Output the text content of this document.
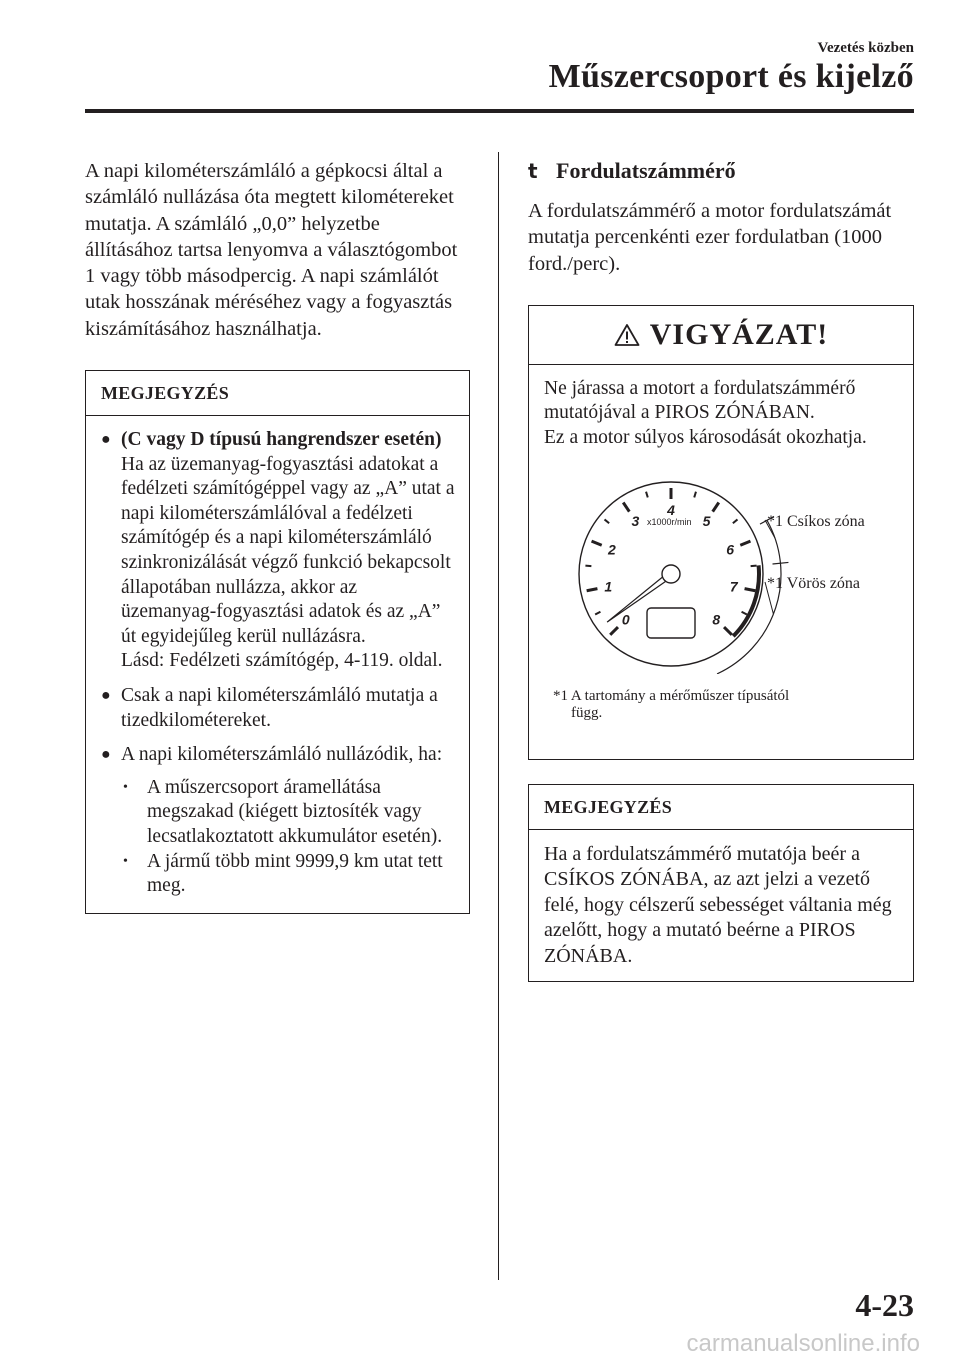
Vezetés közben
Műszercsoport és kijelző

A napi kilométerszámláló a gépkocsi által a számláló nullázása óta megtett kilométereket mutatja. A számláló „0,0” helyzetbe állításához tartsa lenyomva a választógombot 1 vagy több másodpercig. A napi számlálót utak hosszának méréséhez vagy a fogyasztás kiszámításához használhatja.

MEGJEGYZÉS
● (C vagy D típusú hangrendszer esetén)
Ha az üzemanyag-fogyasztási adatokat a fedélzeti számítógéppel vagy az „A” utat a napi kilométerszámlálóval a fedélzeti számítógép és a napi kilométerszámláló szinkronizálását végző funkció bekapcsolt állapotában nullázza, akkor az üzemanyag-fogyasztási adatok és az „A” út egyidejűleg kerül nullázásra.
Lásd: Fedélzeti számítógép, 4-119. oldal.
● Csak a napi kilométerszámláló mutatja a tizedkilométereket.
● A napi kilométerszámláló nullázódik, ha:
• A műszercsoport áramellátása megszakad (kiégett biztosíték vagy lecsatlakoztatott akkumulátor esetén).
• A jármű több mint 9999,9 km utat tett meg.
t Fordulatszámmérő

A fordulatszámmérő a motor fordulatszámát mutatja percenkénti ezer fordulatban (1000 ford./perc).

VIGYÁZAT!
Ne járassa a motort a fordulatszámmérő mutatójával a PIROS ZÓNÁBAN.
Ez a motor súlyos károsodását okozhatja.
0
1
2
3
4
5
6
7
8
x1000r/min	*1 Csíkos zóna
*1 Vörös zóna
*1 A tartomány a mérőműszer típusától
függ.
MEGJEGYZÉS
Ha a fordulatszámmérő mutatója beér a CSÍKOS ZÓNÁBA, az azt jelzi a vezető felé, hogy célszerű sebességet váltania még azelőtt, hogy a mutató beérne a PIROS ZÓNÁBA.
4-23
carmanualsonline.info
